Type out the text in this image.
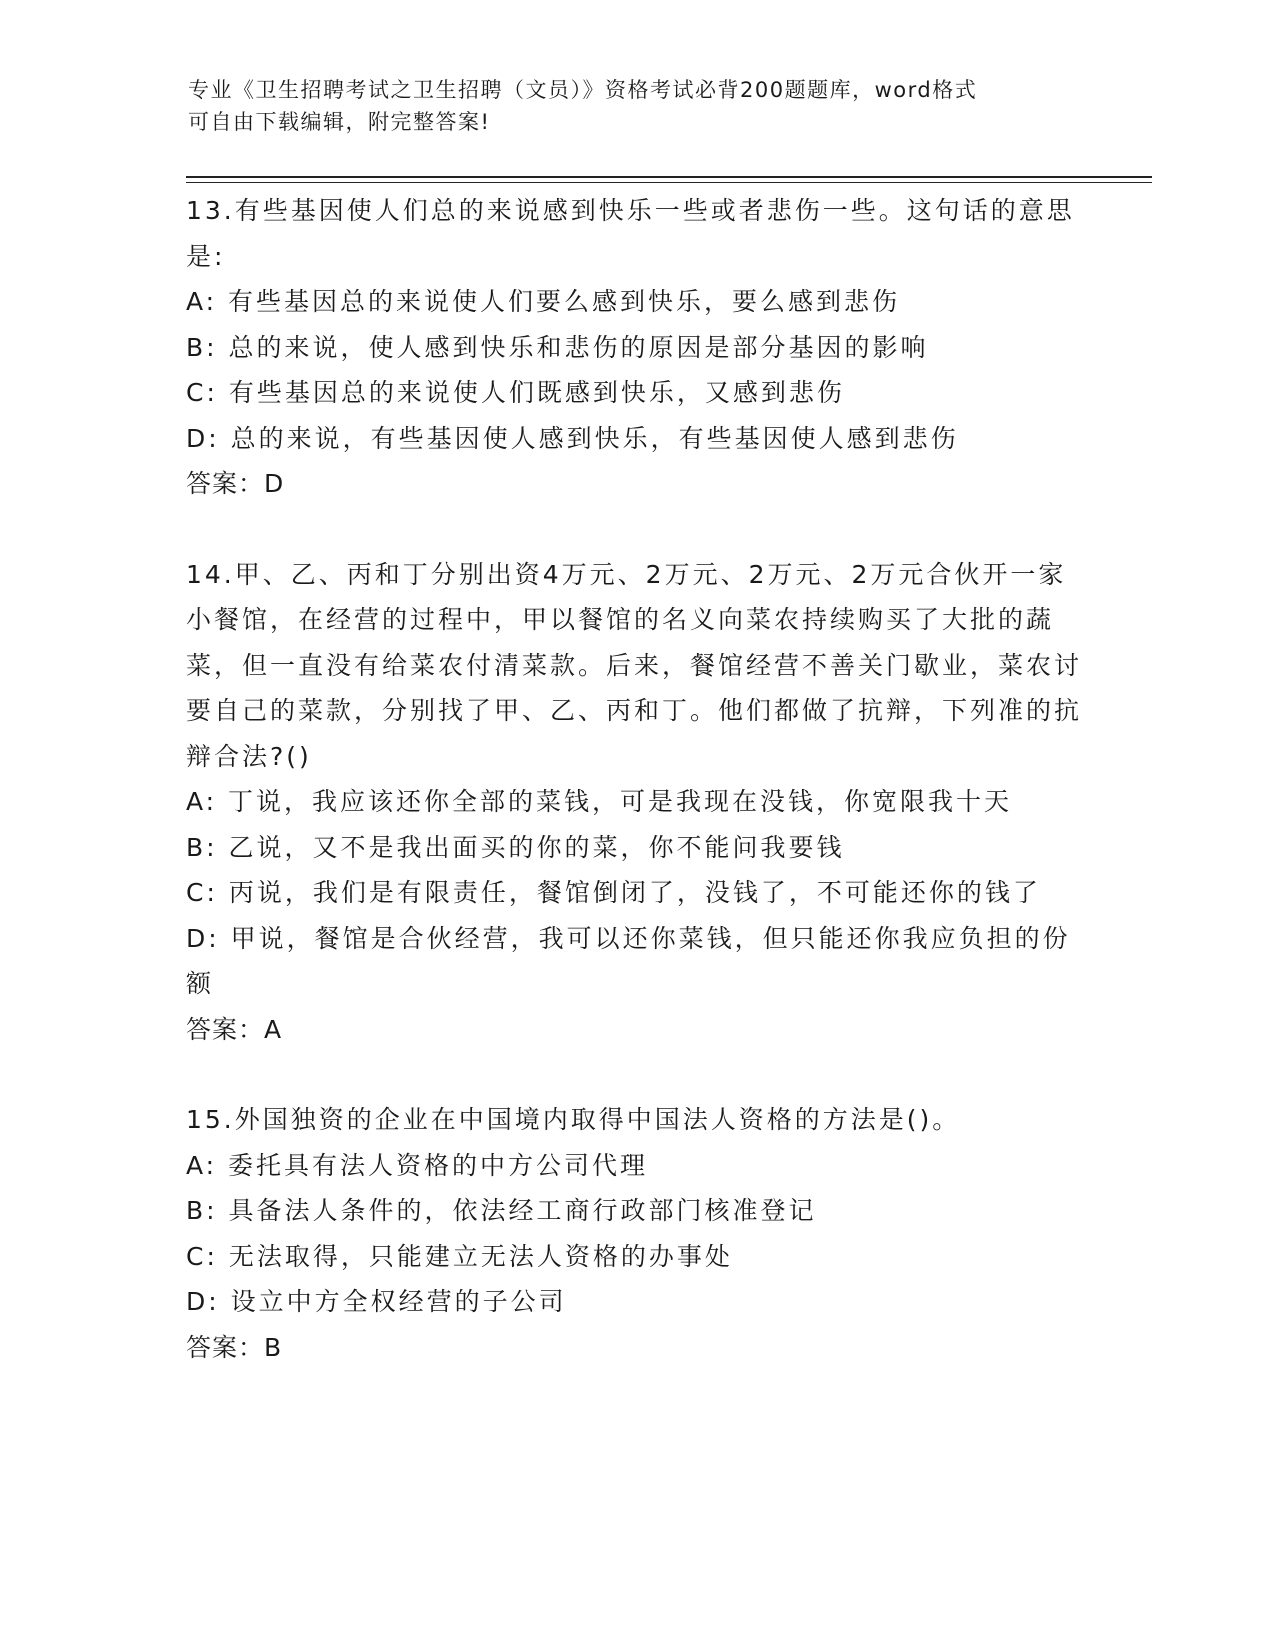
专业《卫生招聘考试之卫生招聘（文员）》资格考试必背200题题库，word格式
可自由下载编辑，附完整答案!
13.有些基因使人们总的来说感到快乐一些或者悲伤一些。这句话的意思是:
A: 有些基因总的来说使人们要么感到快乐，要么感到悲伤
B: 总的来说，使人感到快乐和悲伤的原因是部分基因的影响
C: 有些基因总的来说使人们既感到快乐，又感到悲伤
D: 总的来说，有些基因使人感到快乐，有些基因使人感到悲伤
答案：D
14.甲、乙、丙和丁分别出资4万元、2万元、2万元、2万元合伙开一家小餐馆，在经营的过程中，甲以餐馆的名义向菜农持续购买了大批的蔬菜，但一直没有给菜农付清菜款。后来，餐馆经营不善关门歇业，菜农讨要自己的菜款，分别找了甲、乙、丙和丁。他们都做了抗辩，下列准的抗辩合法?()
A: 丁说，我应该还你全部的菜钱，可是我现在没钱，你宽限我十天
B: 乙说，又不是我出面买的你的菜，你不能问我要钱
C: 丙说，我们是有限责任，餐馆倒闭了，没钱了，不可能还你的钱了
D: 甲说，餐馆是合伙经营，我可以还你菜钱，但只能还你我应负担的份额
答案：A
15.外国独资的企业在中国境内取得中国法人资格的方法是()。
A: 委托具有法人资格的中方公司代理
B: 具备法人条件的，依法经工商行政部门核准登记
C: 无法取得，只能建立无法人资格的办事处
D: 设立中方全权经营的子公司
答案：B
